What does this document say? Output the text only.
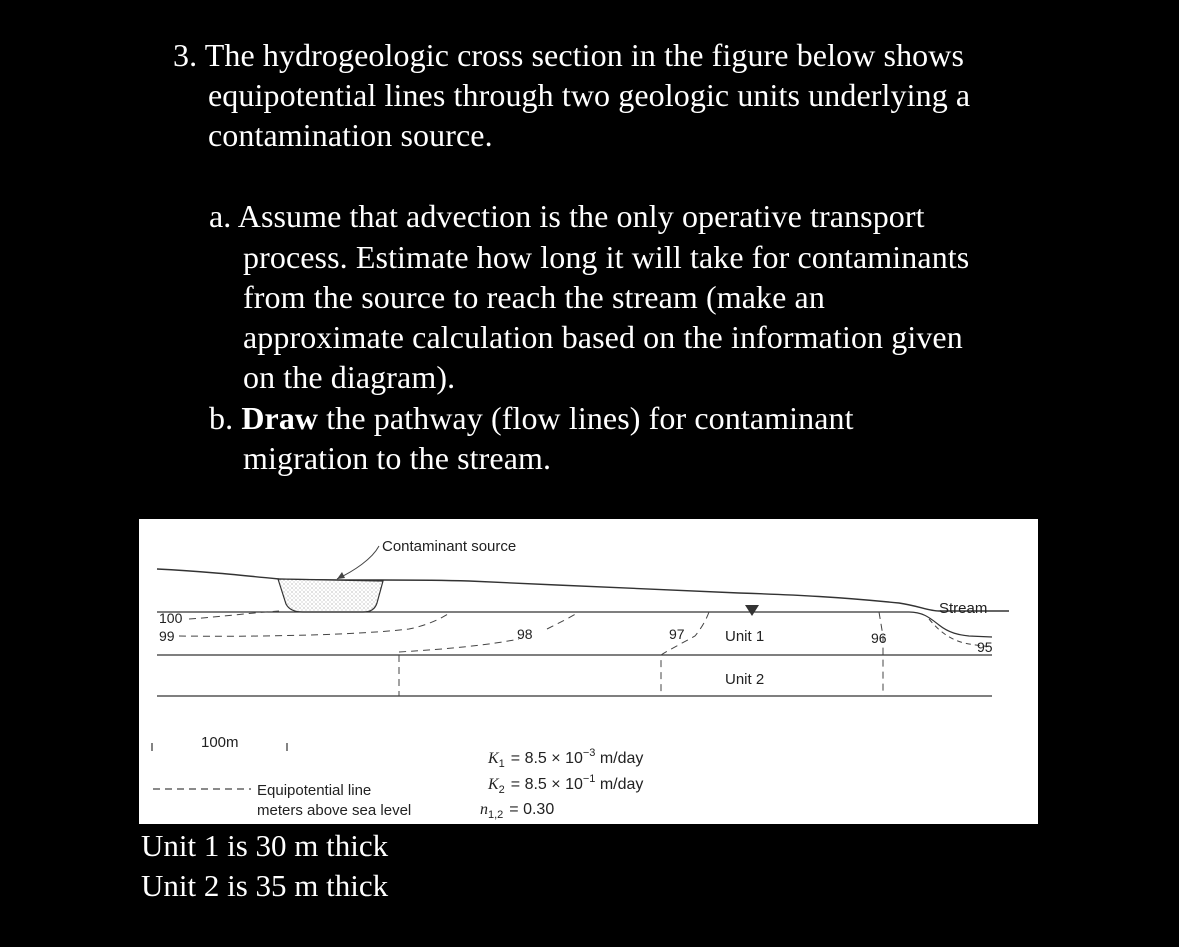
3. The hydrogeologic cross section in the figure below shows
equipotential lines through two geologic units underlying a
contamination source.
a. Assume that advection is the only operative transport
process. Estimate how long it will take for contaminants
from the source to reach the stream (make an
approximate calculation based on the information given
on the diagram).
b. Draw the pathway (flow lines) for contaminant
migration to the stream.
Contaminant source
100
99	98	97	96
95
Unit 1
Unit 2
Stream
100m
Equipotential line
meters above sea level
$K_1 = 8.5 \times 10^{-3}$ m/day
$K_2 = 8.5 \times 10^{-1}$ m/day
$n_{1,2} = 0.30$
Unit 1 is 30 m thick
Unit 2 is 35 m thick
